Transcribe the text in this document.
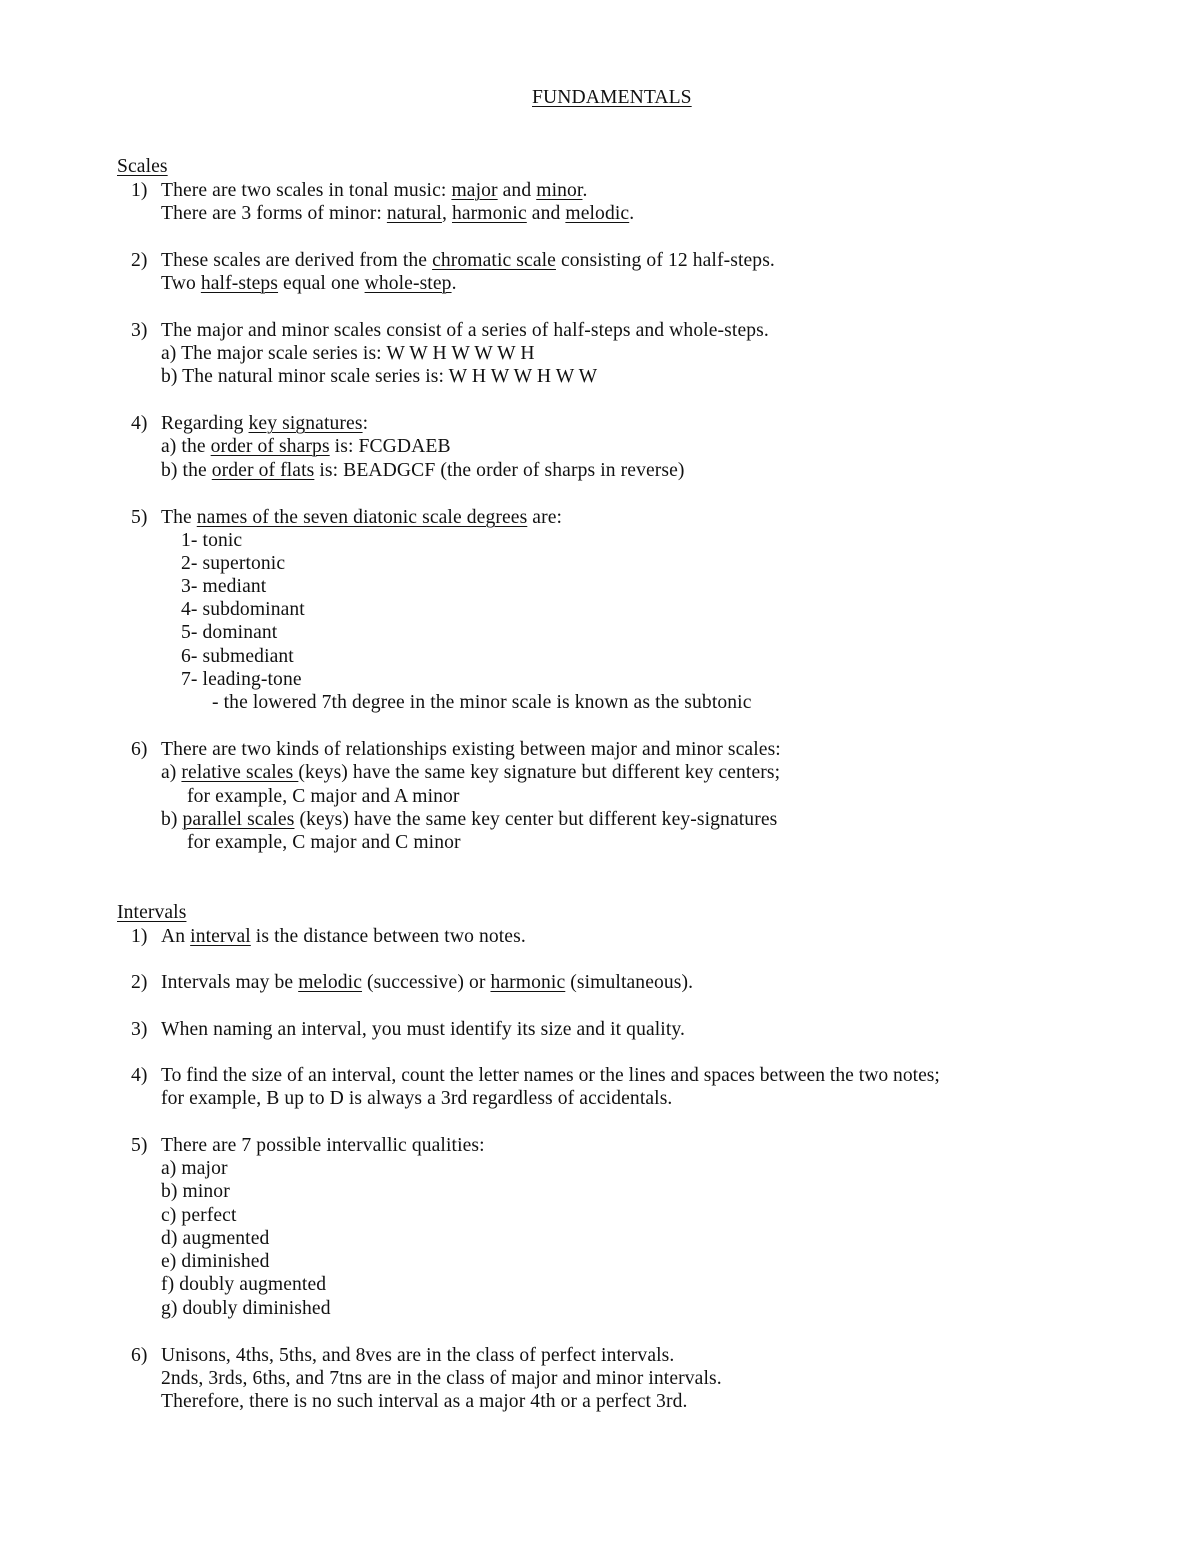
FUNDAMENTALS
Scales
1) There are two scales in tonal music: major and minor.
There are 3 forms of minor: natural, harmonic and melodic.
2) These scales are derived from the chromatic scale consisting of 12 half-steps.
Two half-steps equal one whole-step.
3) The major and minor scales consist of a series of half-steps and whole-steps.
a) The major scale series is: W W H W W W H
b) The natural minor scale series is: W H W W H W W
4) Regarding key signatures:
a) the order of sharps is: FCGDAEB
b) the order of flats is: BEADGCF (the order of sharps in reverse)
5) The names of the seven diatonic scale degrees are:
1- tonic
2- supertonic
3- mediant
4- subdominant
5- dominant
6- submediant
7- leading-tone
- the lowered 7th degree in the minor scale is known as the subtonic
6) There are two kinds of relationships existing between major and minor scales:
a) relative scales (keys) have the same key signature but different key centers;
for example, C major and A minor
b) parallel scales (keys) have the same key center but different key-signatures
for example, C major and C minor
Intervals
1) An interval is the distance between two notes.
2) Intervals may be melodic (successive) or harmonic (simultaneous).
3) When naming an interval, you must identify its size and it quality.
4) To find the size of an interval, count the letter names or the lines and spaces between the two notes;
for example, B up to D is always a 3rd regardless of accidentals.
5) There are 7 possible intervallic qualities:
a) major
b) minor
c) perfect
d) augmented
e) diminished
f) doubly augmented
g) doubly diminished
6) Unisons, 4ths, 5ths, and 8ves are in the class of perfect intervals.
2nds, 3rds, 6ths, and 7tns are in the class of major and minor intervals.
Therefore, there is no such interval as a major 4th or a perfect 3rd.
